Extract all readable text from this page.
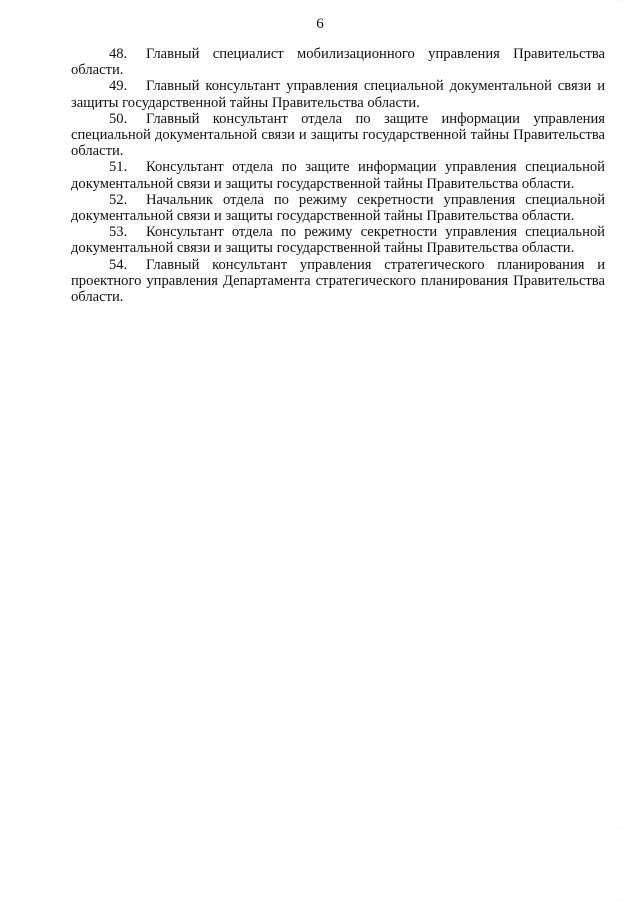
· · ·
6

48. Главный специалист мобилизационного управления Правительства области.

49. Главный консультант управления специальной документальной связи и защиты государственной тайны Правительства области.

50. Главный консультант отдела по защите информации управления специальной документальной связи и защиты государственной тайны Правительства области.

51. Консультант отдела по защите информации управления специальной документальной связи и защиты государственной тайны Правительства области.

52. Начальник отдела по режиму секретности управления специальной документальной связи и защиты государственной тайны Правительства области.

53. Консультант отдела по режиму секретности управления специальной документальной связи и защиты государственной тайны Правительства области.

54. Главный консультант управления стратегического планирования и проектного управления Департамента стратегического планирования Правительства области.

· · ·
· · ·
